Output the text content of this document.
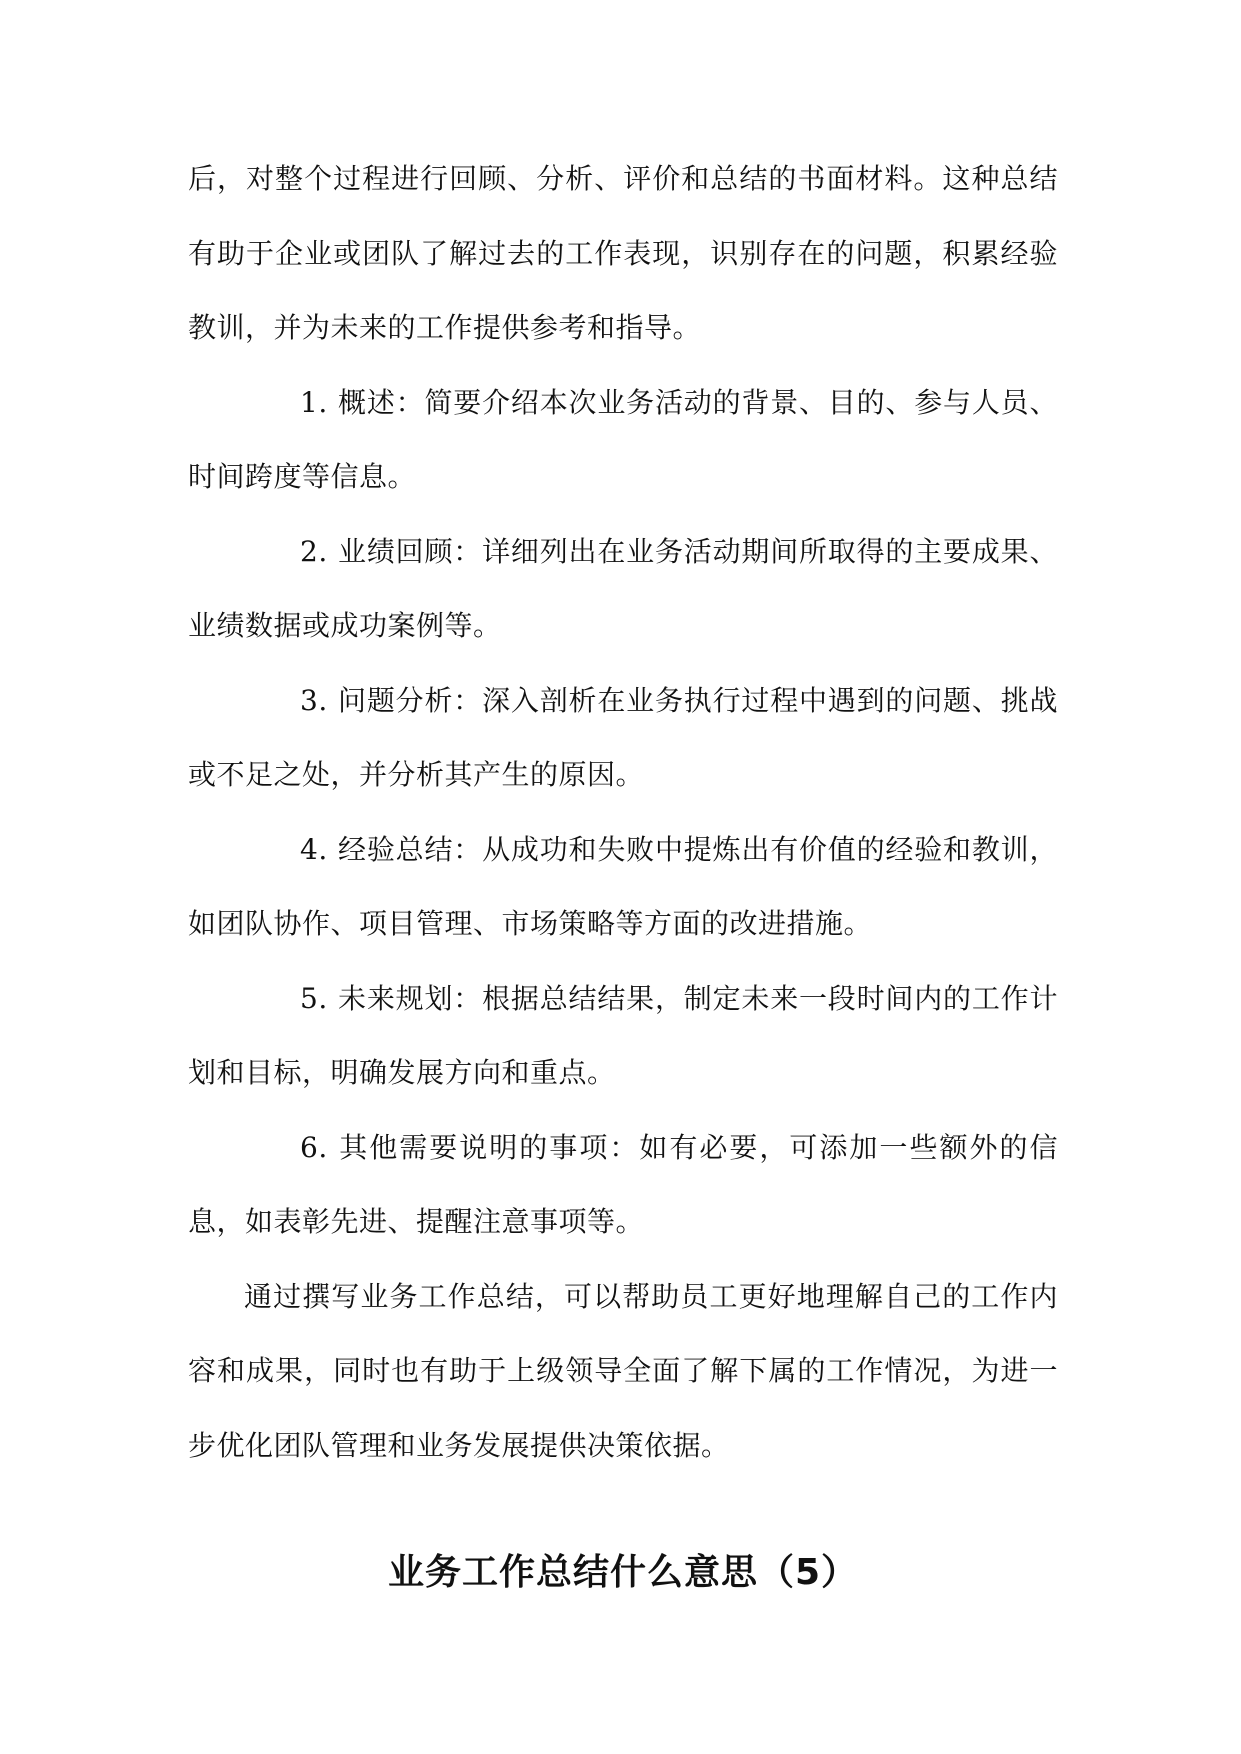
后，对整个过程进行回顾、分析、评价和总结的书面材料。这种总结有助于企业或团队了解过去的工作表现，识别存在的问题，积累经验教训，并为未来的工作提供参考和指导。

1. 概述：简要介绍本次业务活动的背景、目的、参与人员、时间跨度等信息。

2. 业绩回顾：详细列出在业务活动期间所取得的主要成果、业绩数据或成功案例等。

3. 问题分析：深入剖析在业务执行过程中遇到的问题、挑战或不足之处，并分析其产生的原因。

4. 经验总结：从成功和失败中提炼出有价值的经验和教训，如团队协作、项目管理、市场策略等方面的改进措施。

5. 未来规划：根据总结结果，制定未来一段时间内的工作计划和目标，明确发展方向和重点。

6. 其他需要说明的事项：如有必要，可添加一些额外的信息，如表彰先进、提醒注意事项等。

通过撰写业务工作总结，可以帮助员工更好地理解自己的工作内容和成果，同时也有助于上级领导全面了解下属的工作情况，为进一步优化团队管理和业务发展提供决策依据。

业务工作总结什么意思（5）
